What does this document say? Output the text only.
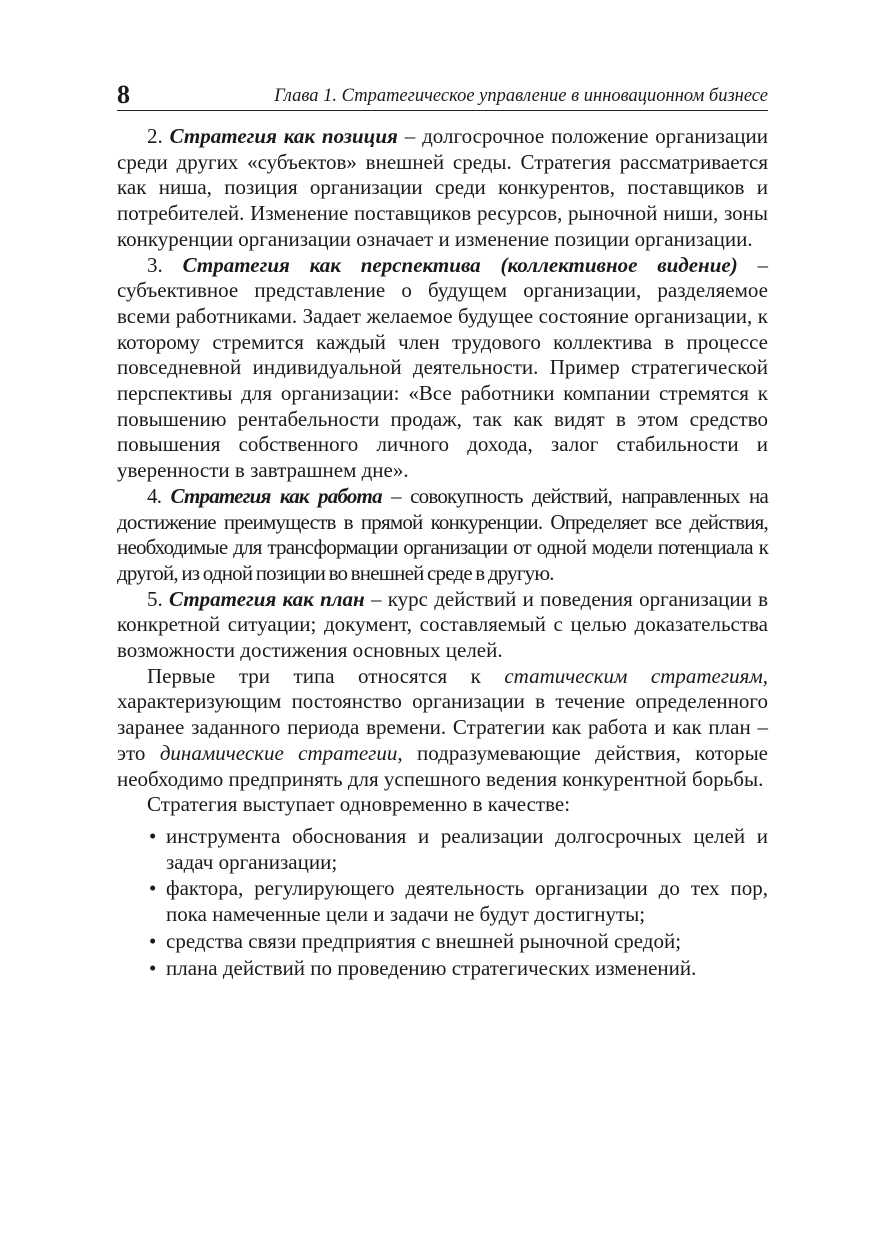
8	Глава 1. Стратегическое управление в инновационном бизнесе

2. Стратегия как позиция – долгосрочное положение организации среди других «субъектов» внешней среды. Стратегия рассматривается как ниша, позиция организации среди конкурентов, поставщиков и потребителей. Изменение поставщиков ресурсов, рыночной ниши, зоны конкуренции организации означает и изменение позиции организации.

3. Стратегия как перспектива (коллективное видение) – субъективное представление о будущем организации, разделяемое всеми работниками. Задает желаемое будущее состояние организации, к которому стремится каждый член трудового коллектива в процессе повседневной индивидуальной деятельности. Пример стратегической перспективы для организации: «Все работники компании стремятся к повышению рентабельности продаж, так как видят в этом средство повышения собственного личного дохода, залог стабильности и уверенности в завтрашнем дне».

4. Стратегия как работа – совокупность действий, направленных на достижение преимуществ в прямой конкуренции. Определяет все действия, необходимые для трансформации организации от одной модели потенциала к другой, из одной позиции во внешней среде в другую.

5. Стратегия как план – курс действий и поведения организации в конкретной ситуации; документ, составляемый с целью доказательства возможности достижения основных целей.

Первые три типа относятся к статическим стратегиям, характеризующим постоянство организации в течение определенного заранее заданного периода времени. Стратегии как работа и как план – это динамические стратегии, подразумевающие действия, которые необходимо предпринять для успешного ведения конкурентной борьбы.

Стратегия выступает одновременно в качестве:

• инструмента обоснования и реализации долгосрочных целей и задач организации;
• фактора, регулирующего деятельность организации до тех пор, пока намеченные цели и задачи не будут достигнуты;
• средства связи предприятия с внешней рыночной средой;
• плана действий по проведению стратегических изменений.
